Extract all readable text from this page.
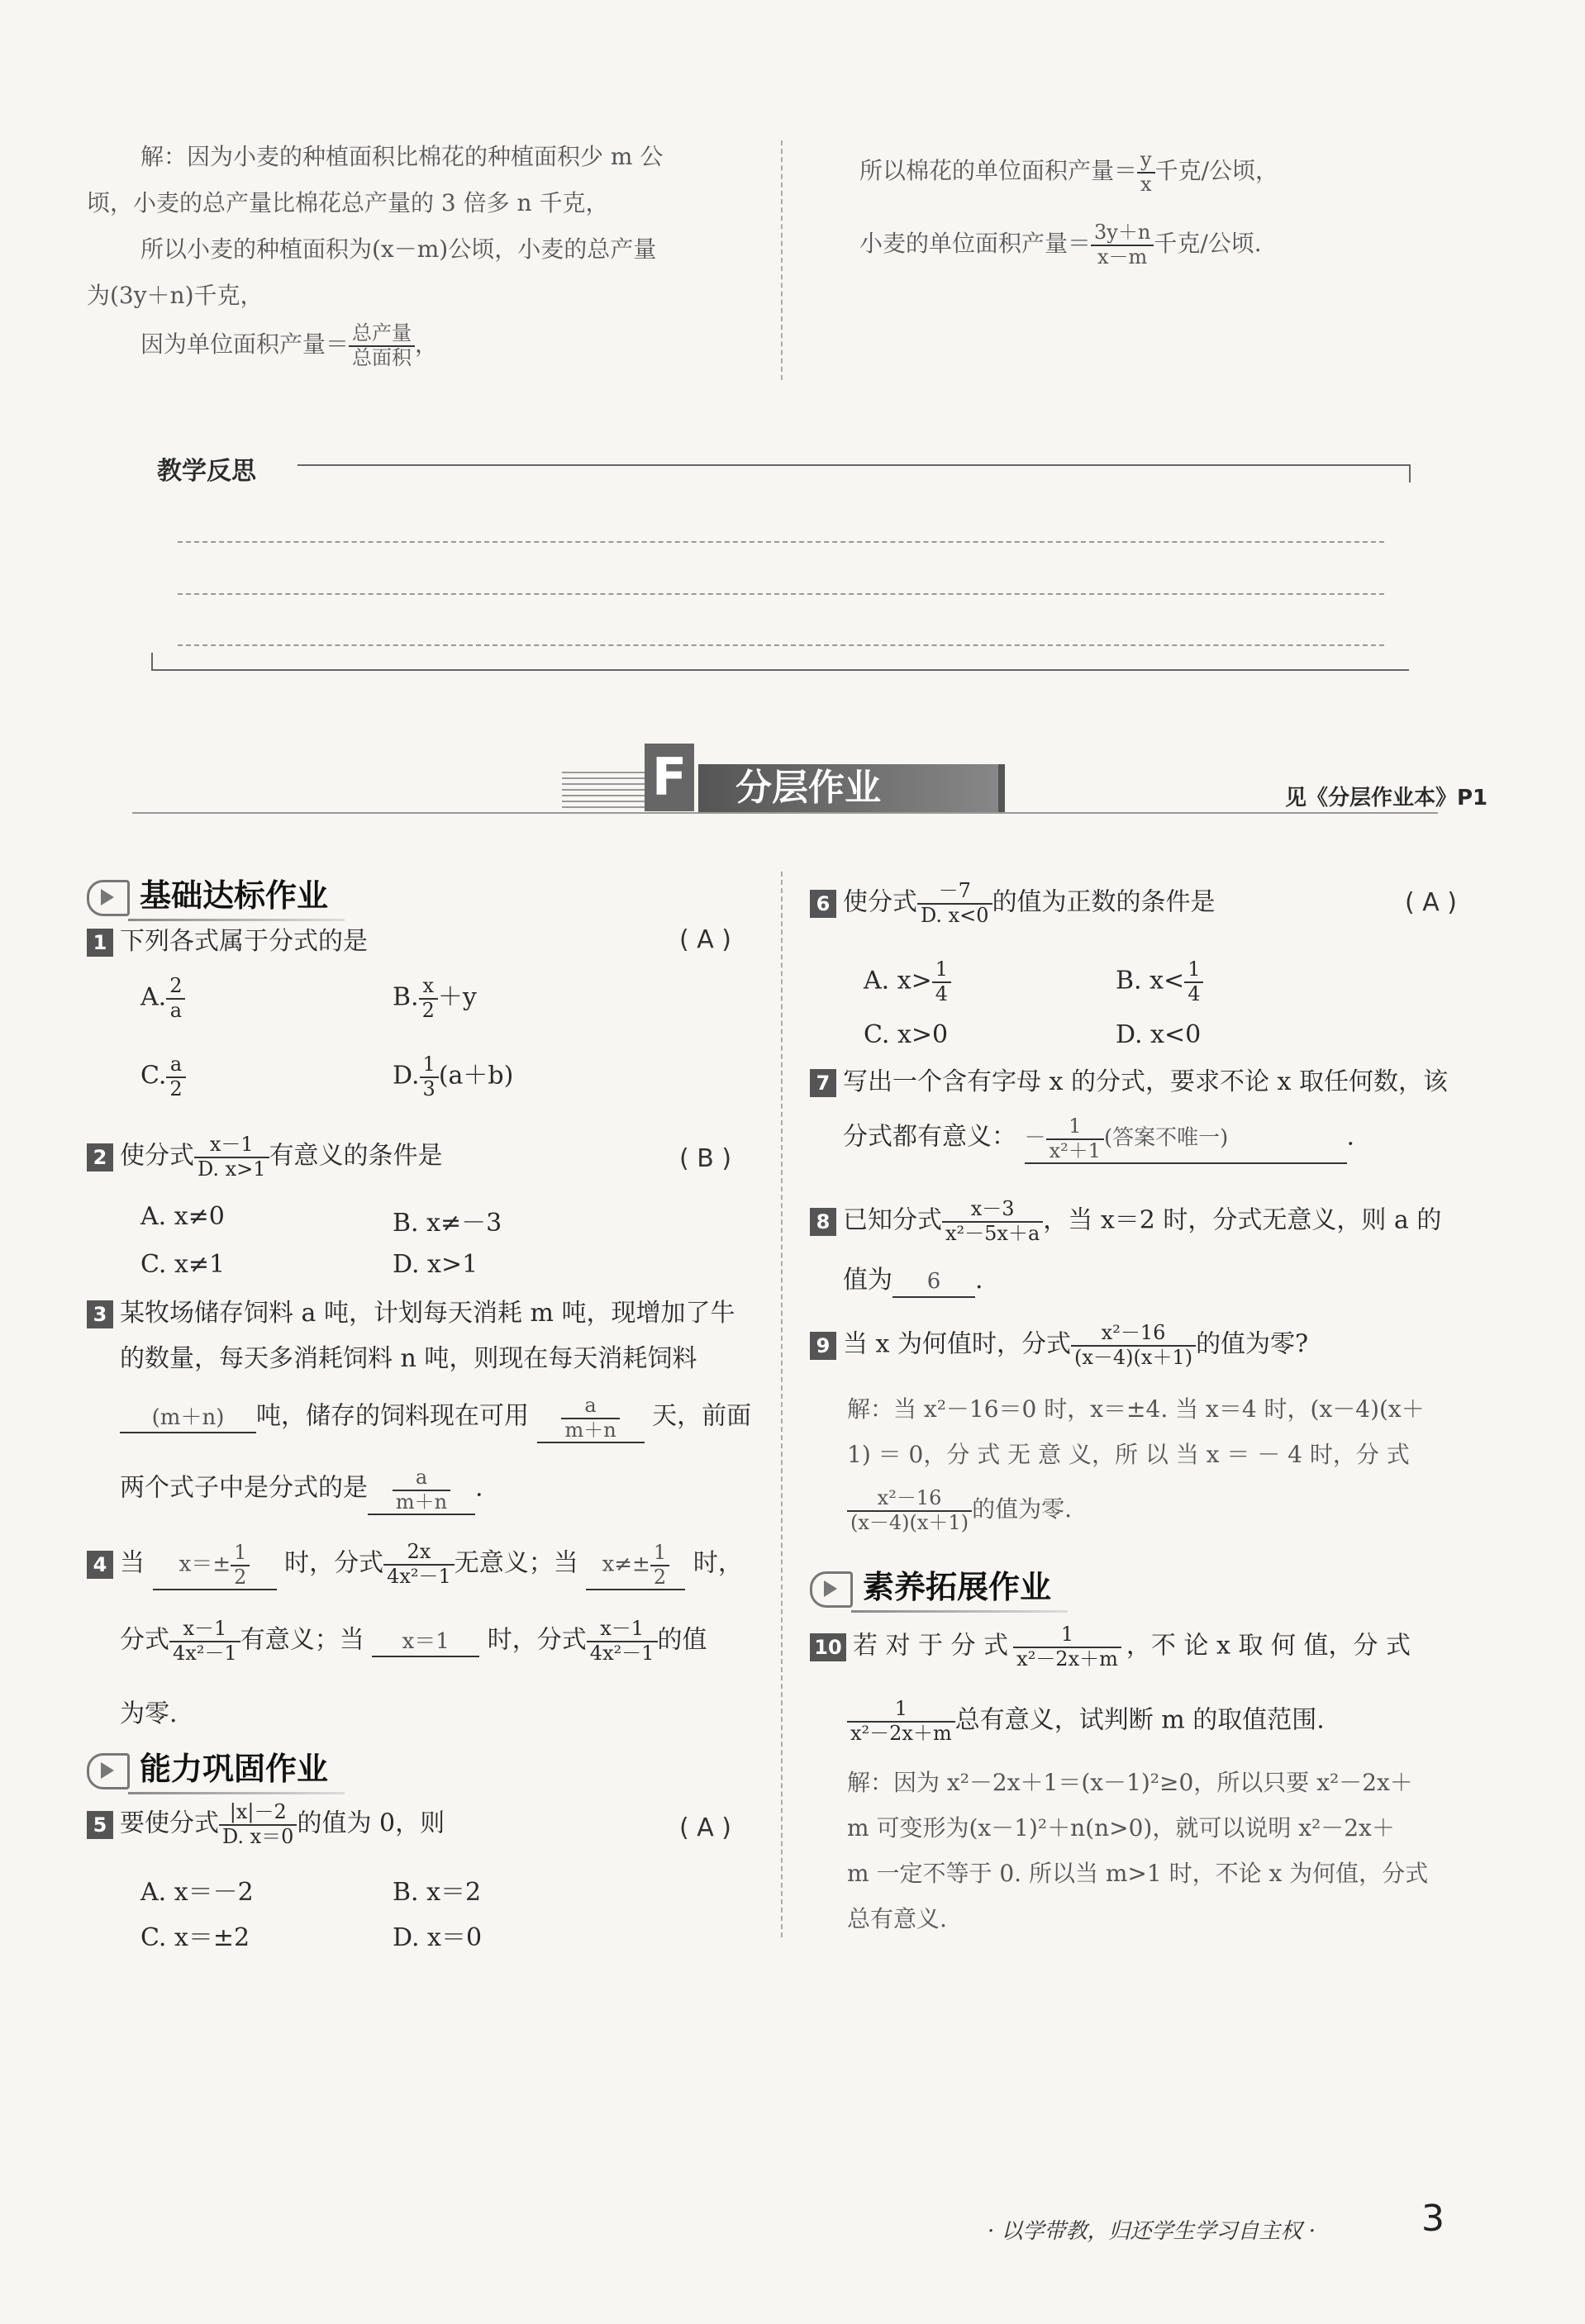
解：因为小麦的种植面积比棉花的种植面积少 m 公
顷，小麦的总产量比棉花总产量的 3 倍多 n 千克，
所以小麦的种植面积为(x－m)公顷，小麦的总产量
为(3y＋n)千克，
因为单位面积产量＝ 总产量
总面积 ，
所以棉花的单位面积产量＝ $\frac{y}{x}$ 千克/公顷，
小麦的单位面积产量＝ $\frac{3y+n}{x-m}$ 千克/公顷.
教学反思
F	分层作业	见《分层作业本》P1
基础达标作业
1 下列各式属于分式的是	( A )
A. $\frac{2}{a}$	B. $\frac{x}{2} +y$
C. $\frac{a}{2}$	D. $\frac{1}{3} (a+b)$
2 使分式 $\frac{x-1}{D. x>1}$ 有意义的条件是	( B )
A. x≠0	B. x≠－3
C. x≠1	D. x>1
3 某牧场储存饲料 a 吨，计划每天消耗 m 吨，现增加了牛
的数量，每天多消耗饲料 n 吨，则现在每天消耗饲料
(m＋n) 吨，储存的饲料现在可用 $\frac{a}{m+n}$ 天，前面
两个式子中是分式的是 $\frac{a}{m+n}$ .
4 当 $x=\pm \frac{1}{2}$ 时，分式 $\frac{2x}{\text{4x²－1}}$ 无意义；当 $x\ne\pm \frac{1}{2}$ 时，
分式 $\frac{x-1}{\text{4x²－1}}$ 有意义；当 x＝1 时，分式 $\frac{x-1}{\text{4x²－1}}$ 的值
为零.
能力巩固作业
5 要使分式 $\frac{|x|-2}{D. x=0}$ 的值为 0，则	( A )
A. x＝－2	B. x＝2
C. x＝±2	D. x＝0
6 使分式 $\frac{-7}{D. x<0}$ 的值为正数的条件是	( A )
A. $x> \frac{1}{4}$	B. $x< \frac{1}{4}$
C. x>0	D. x<0
7 写出一个含有字母 x 的分式，要求不论 x 取任何数，该
分式都有意义： － $\frac{1}{\text{x²＋1}}$ (答案不唯一)	.
8 已知分式 $\frac{x-3}{\text{x²－5x＋a}}$ ，当 x＝2 时，分式无意义，则 a 的
值为 6 .
9 当 x 为何值时，分式 $\frac{\text{x²－16}}{(x-4)(x+1)}$ 的值为零?
解：当 x²－16＝0 时，x＝±4. 当 x＝4 时，(x－4)(x＋
1) ＝ 0，分 式 无 意 义，所 以 当 x ＝ － 4 时，分 式
$\frac{\text{x²－16}}{(x-4)(x+1)}$ 的值为零.
素养拓展作业
10 若 对 于 分 式 $\frac{1}{\text{x²－2x＋m}}$ ，不 论 x 取 何 值，分 式
$\frac{1}{\text{x²－2x＋m}}$ 总有意义，试判断 m 的取值范围.
解：因为 x²－2x＋1＝(x－1)²≥0，所以只要 x²－2x＋
m 可变形为(x－1)²＋n(n>0)，就可以说明 x²－2x＋
m 一定不等于 0. 所以当 m>1 时，不论 x 为何值，分式
总有意义.
· 以学带教，归还学生学习自主权 ·	3
